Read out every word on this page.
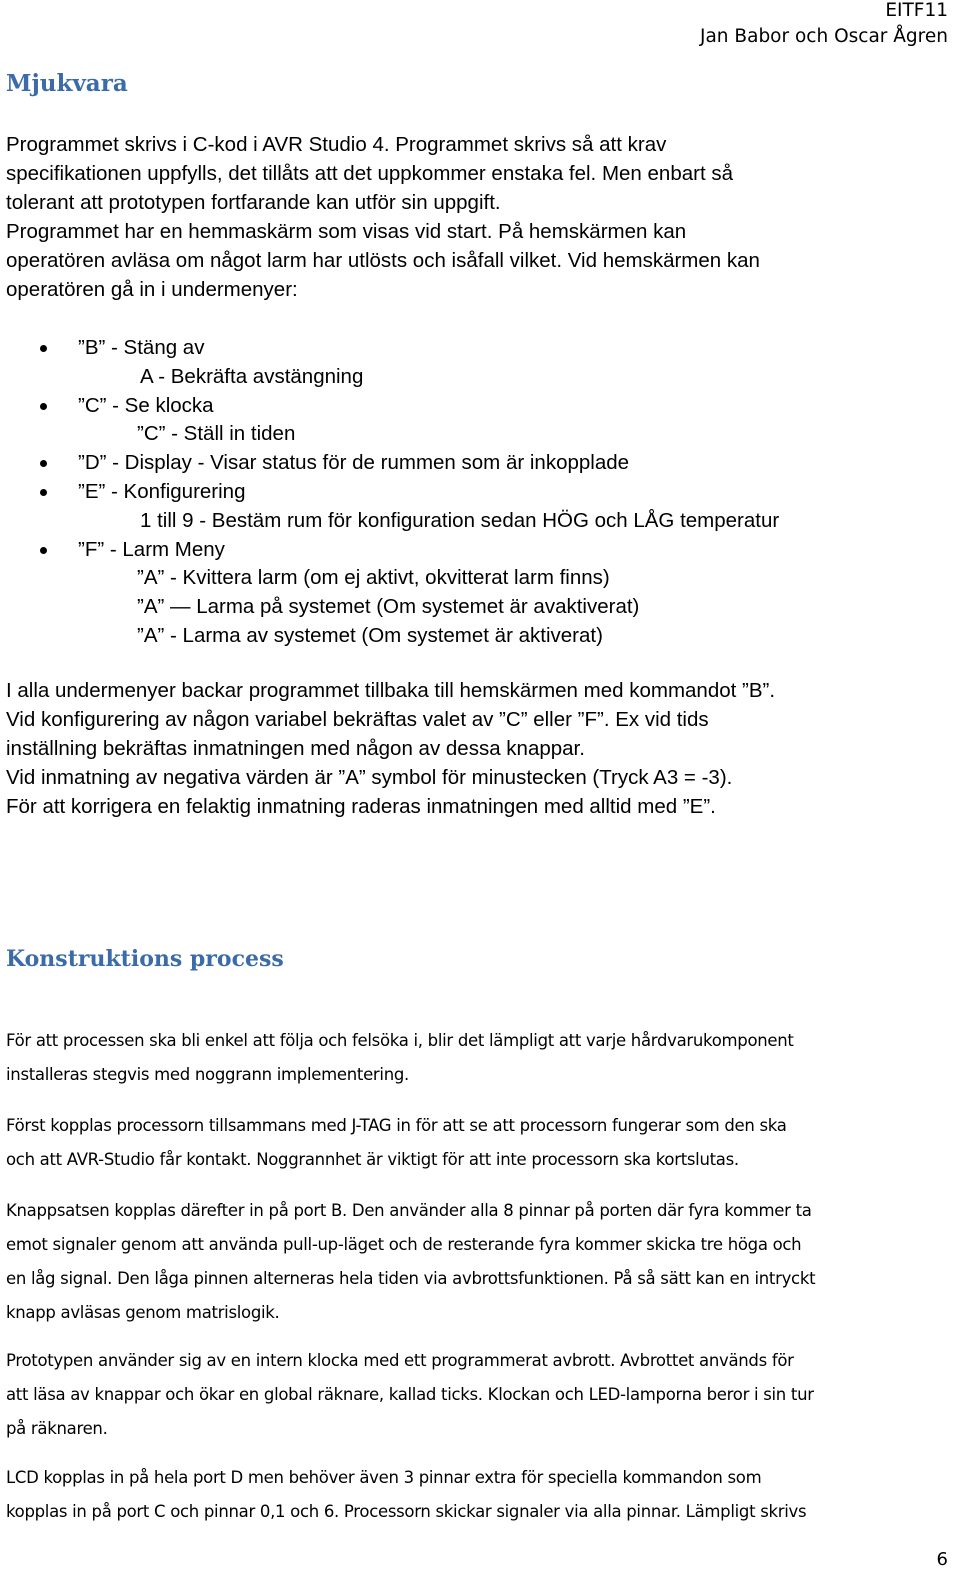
EITF11
Jan Babor och Oscar Ågren
Mjukvara
Programmet skrivs i C-kod i AVR Studio 4. Programmet skrivs så att krav
specifikationen uppfylls, det tillåts att det uppkommer enstaka fel. Men enbart så
tolerant att prototypen fortfarande kan utför sin uppgift.
Programmet har en hemmaskärm som visas vid start. På hemskärmen kan
operatören avläsa om något larm har utlösts och isåfall vilket. Vid hemskärmen kan
operatören gå in i undermenyer:
”B” - Stäng av
A - Bekräfta avstängning
”C” - Se klocka
”C” - Ställ in tiden
”D” - Display - Visar status för de rummen som är inkopplade
”E” - Konfigurering
1 till 9 - Bestäm rum för konfiguration sedan HÖG och LÅG temperatur
”F” - Larm Meny
”A” - Kvittera larm (om ej aktivt, okvitterat larm finns)
”A” — Larma på systemet (Om systemet är avaktiverat)
”A” - Larma av systemet (Om systemet är aktiverat)
I alla undermenyer backar programmet tillbaka till hemskärmen med kommandot ”B”.
Vid konfigurering av någon variabel bekräftas valet av ”C” eller ”F”. Ex vid tids
inställning bekräftas inmatningen med någon av dessa knappar.
Vid inmatning av negativa värden är ”A” symbol för minustecken (Tryck A3 = -3).
För att korrigera en felaktig inmatning raderas inmatningen med alltid med ”E”.
Konstruktions process
För att processen ska bli enkel att följa och felsöka i, blir det lämpligt att varje hårdvarukomponent
installeras stegvis med noggrann implementering.
Först kopplas processorn tillsammans med J-TAG in för att se att processorn fungerar som den ska
och att AVR-Studio får kontakt. Noggrannhet är viktigt för att inte processorn ska kortslutas.
Knappsatsen kopplas därefter in på port B. Den använder alla 8 pinnar på porten där fyra kommer ta
emot signaler genom att använda pull-up-läget och de resterande fyra kommer skicka tre höga och
en låg signal. Den låga pinnen alterneras hela tiden via avbrottsfunktionen. På så sätt kan en intryckt
knapp avläsas genom matrislogik.
Prototypen använder sig av en intern klocka med ett programmerat avbrott. Avbrottet används för
att läsa av knappar och ökar en global räknare, kallad ticks. Klockan och LED-lamporna beror i sin tur
på räknaren.
LCD kopplas in på hela port D men behöver även 3 pinnar extra för speciella kommandon som
kopplas in på port C och pinnar 0,1 och 6. Processorn skickar signaler via alla pinnar. Lämpligt skrivs
6
